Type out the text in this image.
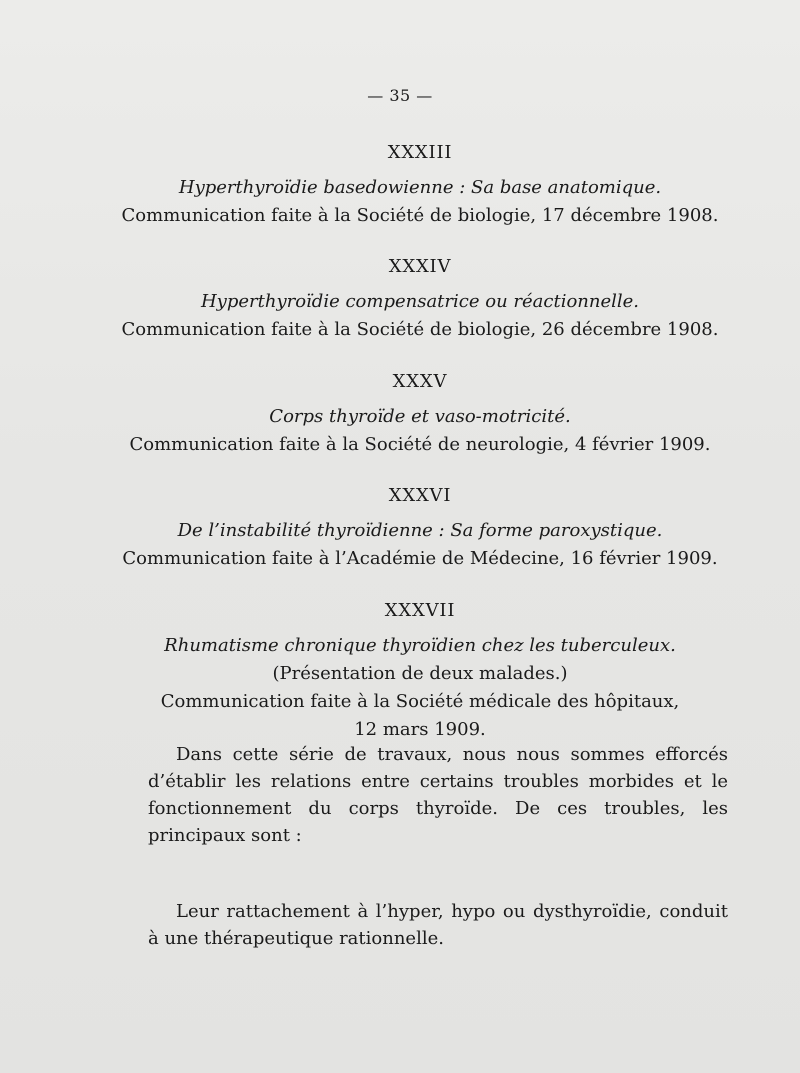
— 35 —
XXXIII
Hyperthyroïdie basedowienne : Sa base anatomique.
Communication faite à la Société de biologie, 17 décembre 1908.
XXXIV
Hyperthyroïdie compensatrice ou réactionnelle.
Communication faite à la Société de biologie, 26 décembre 1908.
XXXV
Corps thyroïde et vaso-motricité.
Communication faite à la Société de neurologie, 4 février 1909.
XXXVI
De l’instabilité thyroïdienne : Sa forme paroxystique.
Communication faite à l’Académie de Médecine, 16 février 1909.
XXXVII
Rhumatisme chronique thyroïdien chez les tuberculeux.
(Présentation de deux malades.)
Communication faite à la Société médicale des hôpitaux,
12 mars 1909.
Dans cette série de travaux, nous nous sommes efforcés d’établir les relations entre certains troubles morbides et le fonctionnement du corps thyroïde. De ces troubles, les principaux sont :
Leur rattachement à l’hyper, hypo ou dysthyroïdie, conduit à une thérapeutique rationnelle.
